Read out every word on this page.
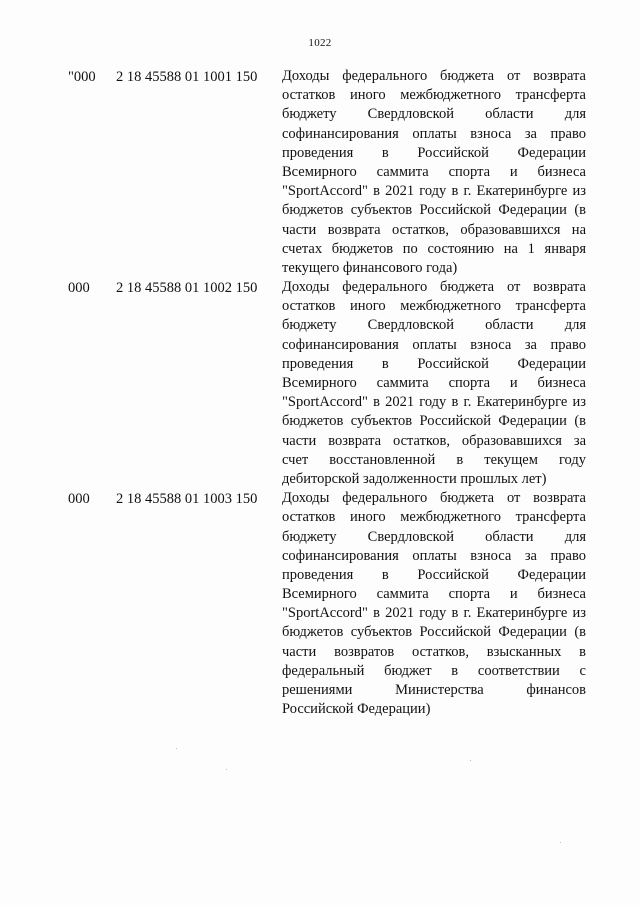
1022
"000 2 18 45588 01 1001 150 Доходы федерального бюджета от возврата
остатков иного межбюджетного трансферта
бюджету Свердловской области для
софинансирования оплаты взноса за право
проведения в Российской Федерации
Всемирного саммита спорта и бизнеса
"SportAccord" в 2021 году в г. Екатеринбурге из
бюджетов субъектов Российской Федерации (в
части возврата остатков, образовавшихся на
счетах бюджетов по состоянию на 1 января
текущего финансового года)
000 2 18 45588 01 1002 150 Доходы федерального бюджета от возврата
остатков иного межбюджетного трансферта
бюджету Свердловской области для
софинансирования оплаты взноса за право
проведения в Российской Федерации
Всемирного саммита спорта и бизнеса
"SportAccord" в 2021 году в г. Екатеринбурге из
бюджетов субъектов Российской Федерации (в
части возврата остатков, образовавшихся за
счет восстановленной в текущем году
дебиторской задолженности прошлых лет)
000 2 18 45588 01 1003 150 Доходы федерального бюджета от возврата
остатков иного межбюджетного трансферта
бюджету Свердловской области для
софинансирования оплаты взноса за право
проведения в Российской Федерации
Всемирного саммита спорта и бизнеса
"SportAccord" в 2021 году в г. Екатеринбурге из
бюджетов субъектов Российской Федерации (в
части возвратов остатков, взысканных в
федеральный бюджет в соответствии с
решениями Министерства финансов
Российской Федерации)
